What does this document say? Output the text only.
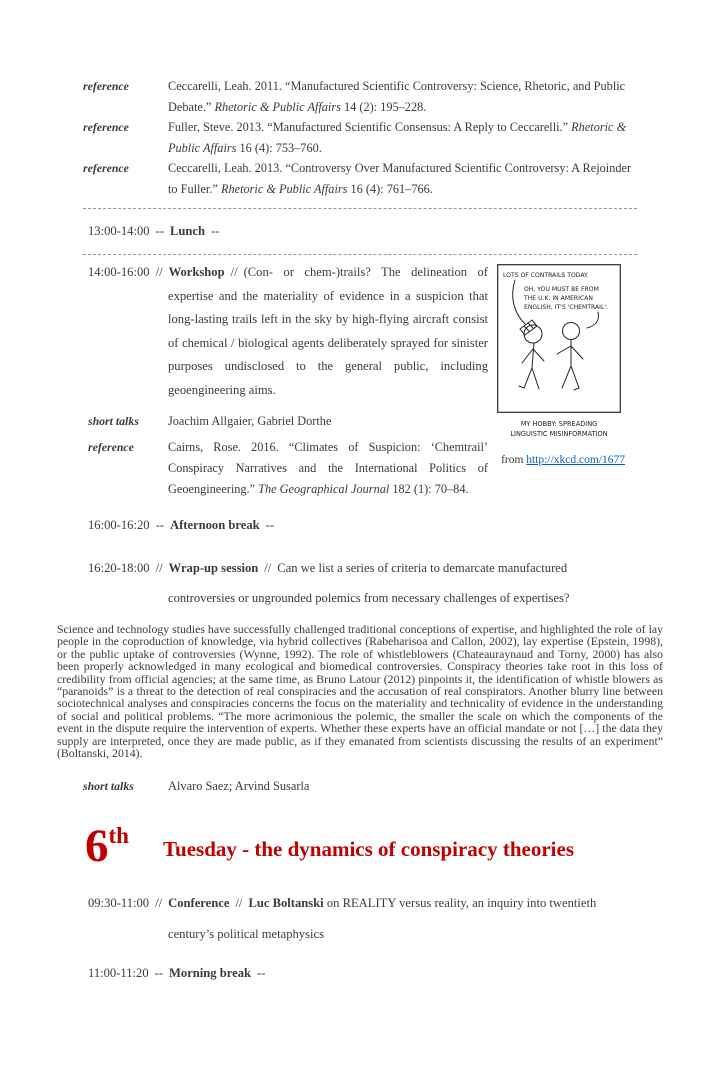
reference	Ceccarelli, Leah. 2011. “Manufactured Scientific Controversy: Science, Rhetoric, and Public Debate.” Rhetoric & Public Affairs 14 (2): 195–228.
reference	Fuller, Steve. 2013. “Manufactured Scientific Consensus: A Reply to Ceccarelli.” Rhetoric & Public Affairs 16 (4): 753–760.
reference	Ceccarelli, Leah. 2013. “Controversy Over Manufactured Scientific Controversy: A Rejoinder to Fuller.” Rhetoric & Public Affairs 16 (4): 761–766.
13:00-14:00 -- Lunch --

14:00-16:00 // Workshop // (Con- or chem-)trails? The delineation of expertise and the materiality of evidence in a suspicion that long-lasting trails left in the sky by high-flying aircraft consist of chemical / biological agents deliberately sprayed for sinister purposes undisclosed to the general public, including geoengineering aims.

short talks	Joachim Allgaier, Gabriel Dorthe
reference	Cairns, Rose. 2016. “Climates of Suspicion: ‘Chemtrail’ Conspiracy Narratives and the International Politics of Geoengineering.” The Geographical Journal 182 (1): 70–84.
LOTS OF CONTRAILS TODAY.
OH, YOU MUST BE FROM
THE U.K. IN AMERICAN
ENGLISH, IT'S 'CHEMTRAIL'.
MY HOBBY: SPREADING
LINGUISTIC MISINFORMATION
from http://xkcd.com/1677
16:00-16:20 -- Afternoon break --

16:20-18:00 // Wrap-up session // Can we list a series of criteria to demarcate manufactured controversies or ungrounded polemics from necessary challenges of expertises?

Science and technology studies have successfully challenged traditional conceptions of expertise, and highlighted the role of lay people in the coproduction of knowledge, via hybrid collectives (Rabeharisoa and Callon, 2002), lay expertise (Epstein, 1998), or the public uptake of controversies (Wynne, 1992). The role of whistleblowers (Chateauraynaud and Torny, 2000) has also been properly acknowledged in many ecological and biomedical controversies. Conspiracy theories take root in this loss of credibility from official agencies; at the same time, as Bruno Latour (2012) pinpoints it, the identification of whistle blowers as “paranoids” is a threat to the detection of real conspiracies and the accusation of real conspirators. Another blurry line between sociotechnical analyses and conspiracies concerns the focus on the materiality and technicality of evidence in the understanding of social and political problems. “The more acrimonious the polemic, the smaller the scale on which the components of the event in the dispute require the intervention of experts. Whether these experts have an official mandate or not […] the data they supply are interpreted, once they are made public, as if they emanated from scientists discussing the results of an experiment” (Boltanski, 2014).

short talks	Alvaro Saez; Arvind Susarla
6thTuesday - the dynamics of conspiracy theories

09:30-11:00 // Conference // Luc Boltanski on REALITY versus reality, an inquiry into twentieth century’s political metaphysics

11:00-11:20 -- Morning break --
